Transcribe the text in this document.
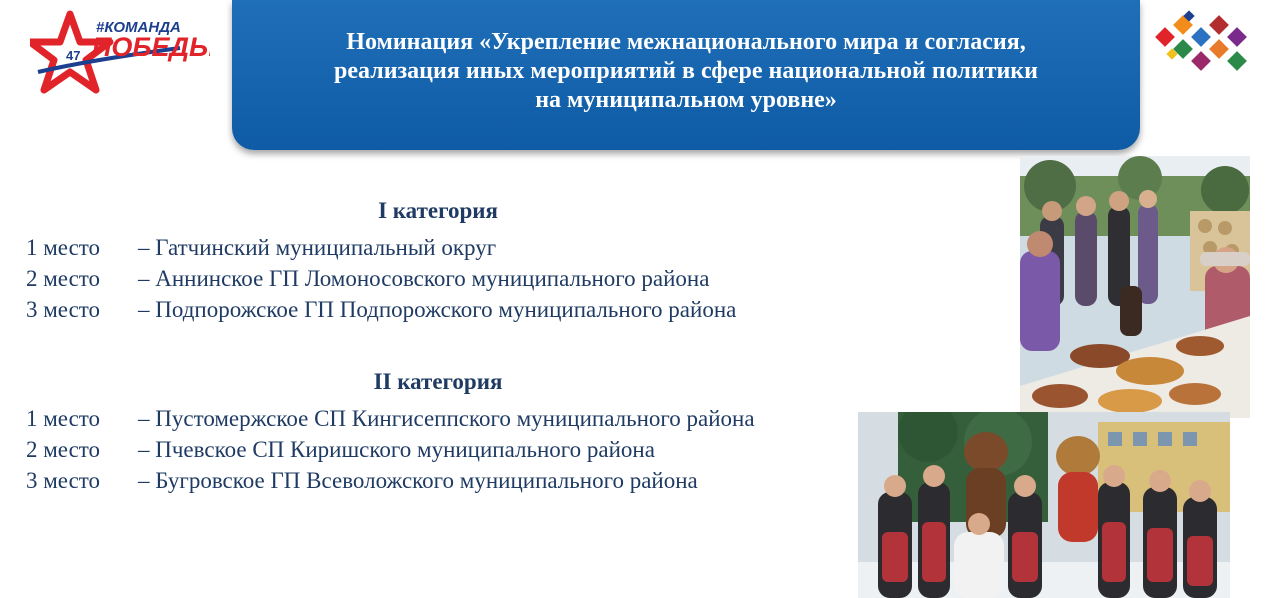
47
#КОМАНДА
ПОБЕДЫ	Номинация «Укрепление межнационального мира и согласия,
реализация иных мероприятий в сфере национальной политики
на муниципальном уровне»

I категория

1 место – Гатчинский муниципальный округ
2 место – Аннинское ГП Ломоносовского муниципального района
3 место – Подпорожское ГП Подпорожского муниципального района

II категория

1 место – Пустомержское СП Кингисеппского муниципального района
2 место – Пчевское СП Киришского муниципального района
3 место – Бугровское ГП Всеволожского муниципального района
